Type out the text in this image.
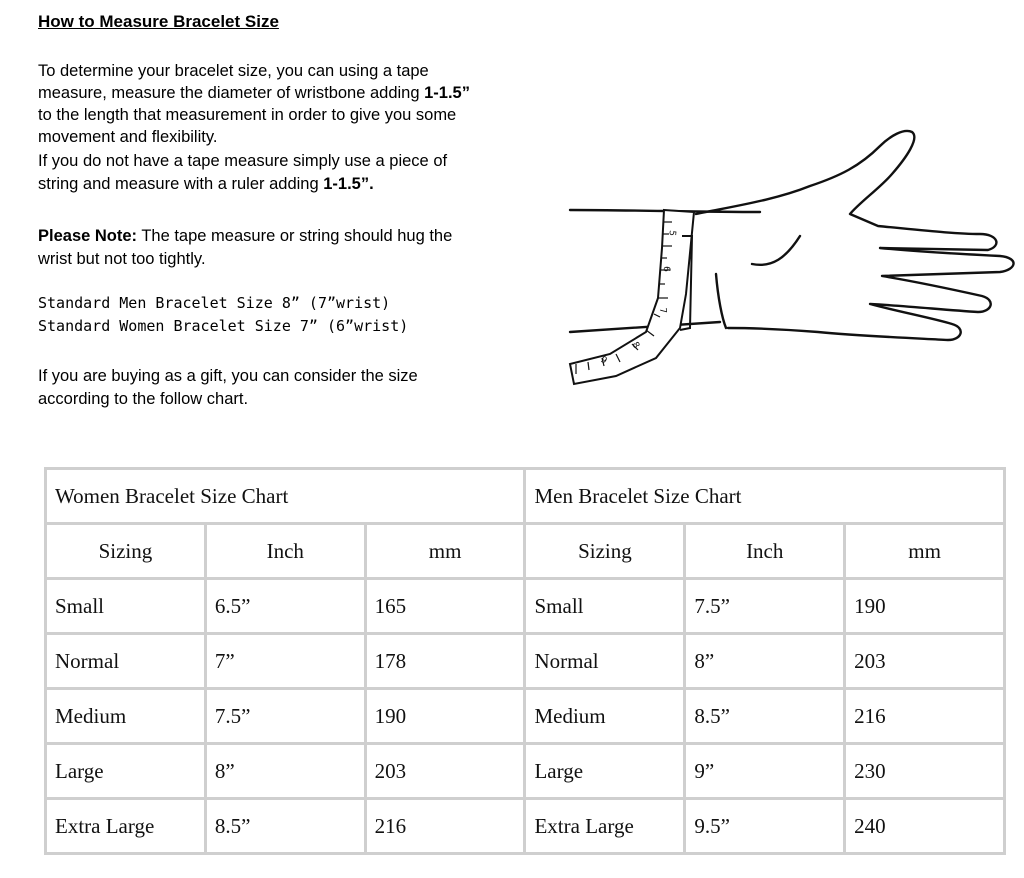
How to Measure Bracelet Size
To determine your bracelet size, you can using a tape
measure, measure the diameter of wristbone adding 1-1.5”
to the length that measurement in order to give you some
movement and flexibility.
If you do not have a tape measure simply use a piece of
string and measure with a ruler adding 1-1.5”.
Please Note: The tape measure or string should hug the
wrist but not too tightly.
Standard Men Bracelet Size 8” (7”wrist)
Standard Women Bracelet Size 7” (6”wrist)
If you are buying as a gift, you can consider the size
according to the follow chart.
5
6
7
8
9
Women Bracelet Size Chart			Men Bracelet Size Chart		
Sizing	Inch	mm	Sizing	Inch	mm
Small	6.5”	165	Small	7.5”	190
Normal	7”	178	Normal	8”	203
Medium	7.5”	190	Medium	8.5”	216
Large	8”	203	Large	9”	230
Extra Large	8.5”	216	Extra Large	9.5”	240
